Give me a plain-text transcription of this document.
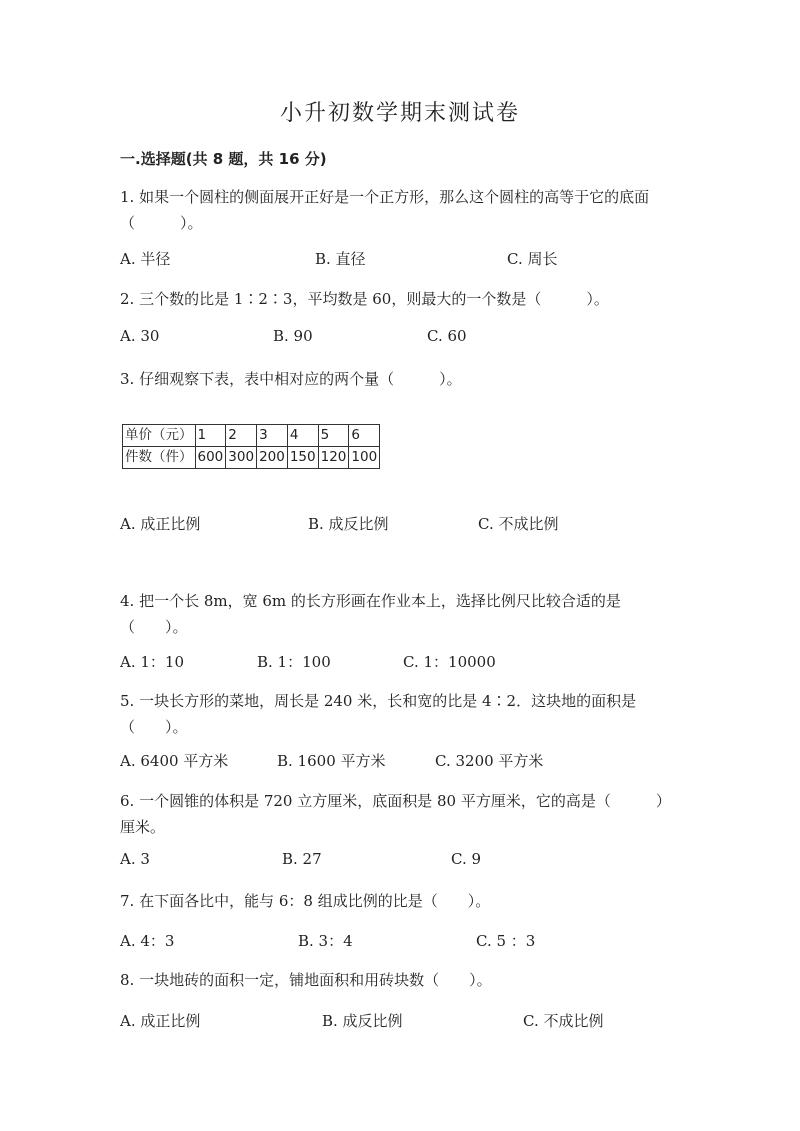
小升初数学期末测试卷
一.选择题(共 8 题，共 16 分)
1. 如果一个圆柱的侧面展开正好是一个正方形，那么这个圆柱的高等于它的底面（　　　）。
A. 半径	B. 直径	C. 周长
2. 三个数的比是 1∶2∶3，平均数是 60，则最大的一个数是（　　　）。
A. 30	B. 90	C. 60
3. 仔细观察下表，表中相对应的两个量（　　　）。
单价（元）	1	2	3	4	5	6
件数（件）	600	300	200	150	120	100
A. 成正比例	B. 成反比例	C. 不成比例
4. 把一个长 8m，宽 6m 的长方形画在作业本上，选择比例尺比较合适的是（　　）。
A. 1：10	B. 1：100	C. 1：10000
5. 一块长方形的菜地，周长是 240 米，长和宽的比是 4∶2．这块地的面积是（　　）。
A. 6400 平方米	B. 1600 平方米	C. 3200 平方米
6. 一个圆锥的体积是 720 立方厘米，底面积是 80 平方厘米，它的高是（　　　）厘米。
A. 3	B. 27	C. 9
7. 在下面各比中，能与 6：8 组成比例的比是（　　）。
A. 4：3	B. 3：4	C. 5 ：3
8. 一块地砖的面积一定，铺地面积和用砖块数（　　）。
A. 成正比例	B. 成反比例	C. 不成比例
